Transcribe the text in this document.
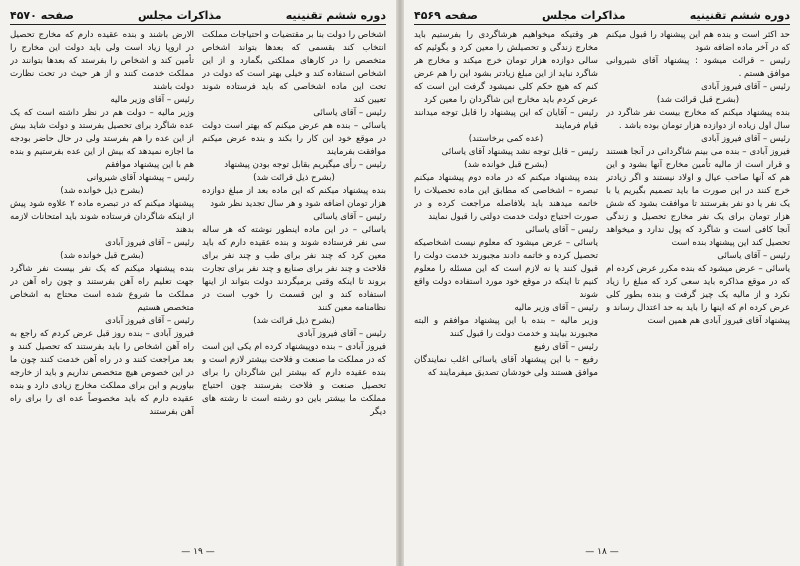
دوره ششم تقنینیه
مذاکرات مجلس
صفحه ۴۵۷۰

اشخاص را دولت بنا بر مقتضیات و احتیاجات مملکت انتخاب کند بقسمی که بعدها بتواند اشخاص متخصص را در کارهای مملکتی بگمارد و از این اشخاص استفاده کند و خیلی بهتر است که دولت در تحت این ماده اشخاصی که باید فرستاده شوند تعیین کند

رئیس – آقای یاسائی

یاسائی – بنده هم عرض میکنم که بهتر است دولت در موقع خود این کار را بکند و بنده عرض میکنم موافقت بفرمایند

رئیس – رأی میگیریم بقابل توجه بودن پیشنهاد

(بشرح ذیل قرائت شد)

بنده پیشنهاد میکنم که این ماده بعد از مبلغ دوازده هزار تومان اضافه شود و هر سال تجدید نظر شود

رئیس – آقای یاسائی

یاسائی – در این ماده اینطور نوشته که هر ساله سی نفر فرستاده شوند و بنده عقیده دارم که باید معین کرد که چند نفر برای طب و چند نفر برای فلاحت و چند نفر برای صنایع و چند نفر برای تجارت بروند تا اینکه وقتی برمیگردند دولت بتواند از اینها استفاده کند و این قسمت را خوب است در نظامنامه معین کنند

(بشرح ذیل قرائت شد)

رئیس – آقای فیروز آبادی

فیروز آبادی – بنده دوپیشنهاد کرده ام یکی این است که در مملکت ما صنعت و فلاحت بیشتر لازم است و بنده عقیده دارم که بیشتر این شاگردان را برای تحصیل صنعت و فلاحت بفرستند چون احتیاج مملکت ما بیشتر باین دو رشته است تا رشته های دیگر

الارض باشند و بنده عقیده دارم که مخارج تحصیل در اروپا زیاد است ولی باید دولت این مخارج را تأمین کند و اشخاص را بفرستد که بعدها بتوانند در مملکت خدمت کنند و از هر حیث در تحت نظارت دولت باشند

رئیس – آقای وزیر مالیه

وزیر مالیه – دولت هم در نظر داشته است که یک عده شاگرد برای تحصیل بفرستد و دولت شاید بیش از این عده را هم بفرستد ولی در حال حاضر بودجه ما اجازه نمیدهد که بیش از این عده بفرستیم و بنده هم با این پیشنهاد موافقم

رئیس – پیشنهاد آقای شیروانی

(بشرح ذیل خوانده شد)

پیشنهاد میکنم که در تبصره ماده ۲ علاوه شود پیش از اینکه شاگردان فرستاده شوند باید امتحانات لازمه بدهند

رئیس – آقای فیروز آبادی

(بشرح قبل خوانده شد)

بنده پیشنهاد میکنم که یک نفر بیست نفر شاگرد جهت تعلیم راه آهن بفرستند و چون راه آهن در مملکت ما شروع شده است محتاج به اشخاص متخصص هستیم

رئیس – آقای فیروز آبادی

فیروز آبادی – بنده روز قبل عرض کردم که راجع به راه آهن اشخاص را باید بفرستند که تحصیل کنند و بعد مراجعت کنند و در راه آهن خدمت کنند چون ما در این خصوص هیچ متخصص نداریم و باید از خارجه بیاوریم و این برای مملکت مخارج زیادی دارد و بنده عقیده دارم که باید مخصوصاً عده ای را برای راه آهن بفرستند

— ۱۹ —
دوره ششم تقنینیه
مذاکرات مجلس
صفحه ۴۵۶۹

حد اکثر است و بنده هم این پیشنهاد را قبول میکنم که در آخر ماده اضافه شود

رئیس – قرائت میشود : پیشنهاد آقای شیروانی موافق هستم .

رئیس – آقای فیروز آبادی

(بشرح قبل قرائت شد)

بنده پیشنهاد میکنم که مخارج بیست نفر شاگرد در سال اول زیاده از دوازده هزار تومان بوده باشد .

رئیس – آقای فیروز آبادی

فیروز آبادی – بنده می بینم شاگردانی در آنجا هستند و قرار است از مالیه تأمین مخارج آنها بشود و این هم که آنها صاحب عیال و اولاد نیستند و اگر زیادتر خرج کنند در این صورت ما باید تصمیم بگیریم یا با یک نفر یا دو نفر بفرستند تا موافقت بشود که شش هزار تومان برای یک نفر مخارج تحصیل و زندگی آنجا کافی است و شاگرد که پول ندارد و میخواهد تحصیل کند این پیشنهاد بنده است

رئیس – آقای یاسائی

یاسائی – عرض میشود که بنده مکرر عرض کرده ام که در موقع مذاکره باید سعی کرد که مبلغ را زیاد نکرد و از مالیه یک چیز گرفت و بنده بطور کلی عرض کرده ام که اینها را باید به حد اعتدال رساند و پیشنهاد آقای فیروز آبادی هم همین است

هر وقتیکه میخواهیم هرشاگردی را بفرستیم باید مخارج زندگی و تحصیلش را معین کرد و بگوئیم که سالی دوازده هزار تومان خرج میکند و مخارج هر شاگرد نباید از این مبلغ زیادتر بشود این را هم عرض کنم که هیچ حکم کلی نمیشود گرفت این است که عرض کردم باید مخارج این شاگردان را معین کرد

رئیس – آقایان که این پیشنهاد را قابل توجه میدانند قیام فرمایند

(عده کمی برخاستند)

رئیس – قابل توجه نشد پیشنهاد آقای یاسائی

(بشرح قبل خوانده شد)

بنده پیشنهاد میکنم که در ماده دوم پیشنهاد میکنم تبصره – اشخاصی که مطابق این ماده تحصیلات را خاتمه میدهند باید بلافاصله مراجعت کرده و در صورت احتیاج دولت خدمت دولتی را قبول نمایند

رئیس – آقای یاسائی

یاسائی – عرض میشود که معلوم نیست اشخاصیکه تحصیل کرده و خاتمه دادند مجبورند خدمت دولت را قبول کنند یا نه لازم است که این مسئله را معلوم کنیم تا اینکه در موقع خود مورد استفاده دولت واقع شوند

رئیس – آقای وزیر مالیه

وزیر مالیه – بنده با این پیشنهاد موافقم و البته مجبورند بیایند و خدمت دولت را قبول کنند

رئیس – آقای رفیع

رفیع – با این پیشنهاد آقای یاسائی اغلب نمایندگان موافق هستند ولی خودشان تصدیق میفرمایند که

— ۱۸ —
